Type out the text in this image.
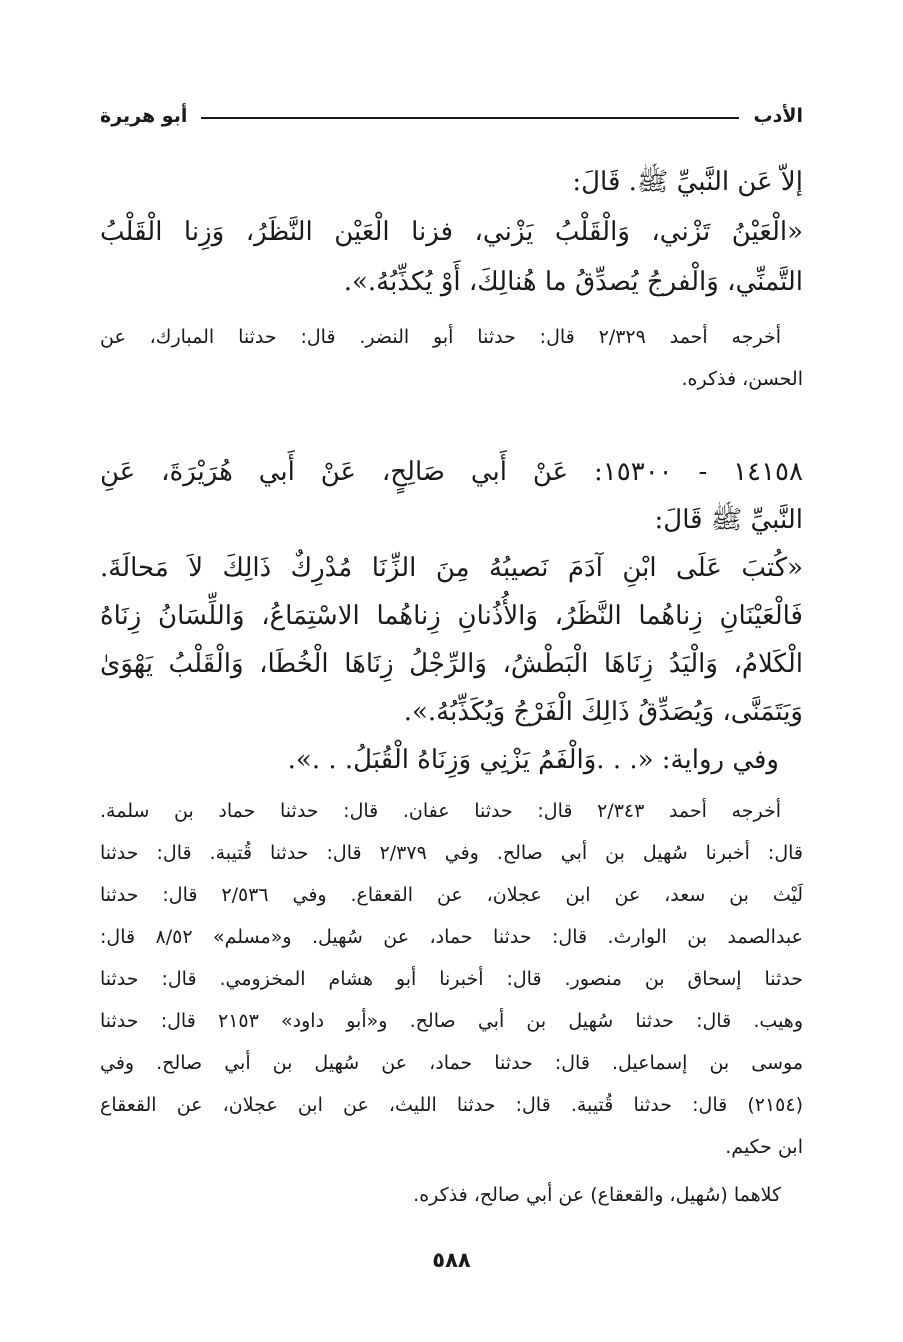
الأدب
أبو هريرة
إلاّ عَن النَّبيِّ ﷺ. قَالَ:
«الْعَيْنُ تَزْني، وَالْقَلْبُ يَزْني، فزنا الْعَيْن النَّظَرُ، وَزِنا الْقَلْبُ
التَّمنِّي، وَالْفرجُ يُصدِّقُ ما هُنالِكَ، أَوْ يُكذِّبُهُ.».
أخرجه أحمد ٢/٣٢٩ قال: حدثنا أبو النضر. قال: حدثنا المبارك، عن
الحسن، فذكره.
١٤١٥٨ - ١٥٣٠٠: عَنْ أَبي صَالِحٍ، عَنْ أَبي هُرَيْرَةَ، عَنِ
النَّبيِّ ﷺ قَالَ:
«كُتبَ عَلَى ابْنِ آدَمَ نَصيبُهُ مِنَ الزِّنَا مُدْرِكٌ ذَالِكَ لاَ مَحالَةَ.
فَالْعَيْنَانِ زِناهُما النَّظَرُ، وَالأُذُنانِ زِناهُما الاسْتِمَاعُ، وَاللِّسَانُ زِنَاهُ
الْكَلامُ، وَالْيَدُ زِنَاهَا الْبَطْشُ، وَالرِّجْلُ زِنَاهَا الْخُطَا، وَالْقَلْبُ يَهْوَىٰ
وَيَتَمَنَّى، وَيُصَدِّقُ ذَالِكَ الْفَرْجُ وَيُكَذِّبُهُ.».
وفي رواية: «. . .وَالْفَمُ يَزْنِي وَزِنَاهُ الْقُبَلُ. . .».
أخرجه أحمد ٢/٣٤٣ قال: حدثنا عفان. قال: حدثنا حماد بن سلمة.
قال: أخبرنا سُهيل بن أبي صالح. وفي ٢/٣٧٩ قال: حدثنا قُتيبة. قال: حدثنا
لَيْث بن سعد، عن ابن عجلان، عن القعقاع. وفي ٢/٥٣٦ قال: حدثنا
عبدالصمد بن الوارث. قال: حدثنا حماد، عن سُهيل. و«مسلم» ٨/٥٢ قال:
حدثنا إسحاق بن منصور. قال: أخبرنا أبو هشام المخزومي. قال: حدثنا
وهيب. قال: حدثنا سُهيل بن أبي صالح. و«أبو داود» ٢١٥٣ قال: حدثنا
موسى بن إسماعيل. قال: حدثنا حماد، عن سُهيل بن أبي صالح. وفي
(٢١٥٤) قال: حدثنا قُتيبة. قال: حدثنا الليث، عن ابن عجلان، عن القعقاع
ابن حكيم.
كلاهما (سُهيل، والقعقاع) عن أبي صالح، فذكره.
٥٨٨
